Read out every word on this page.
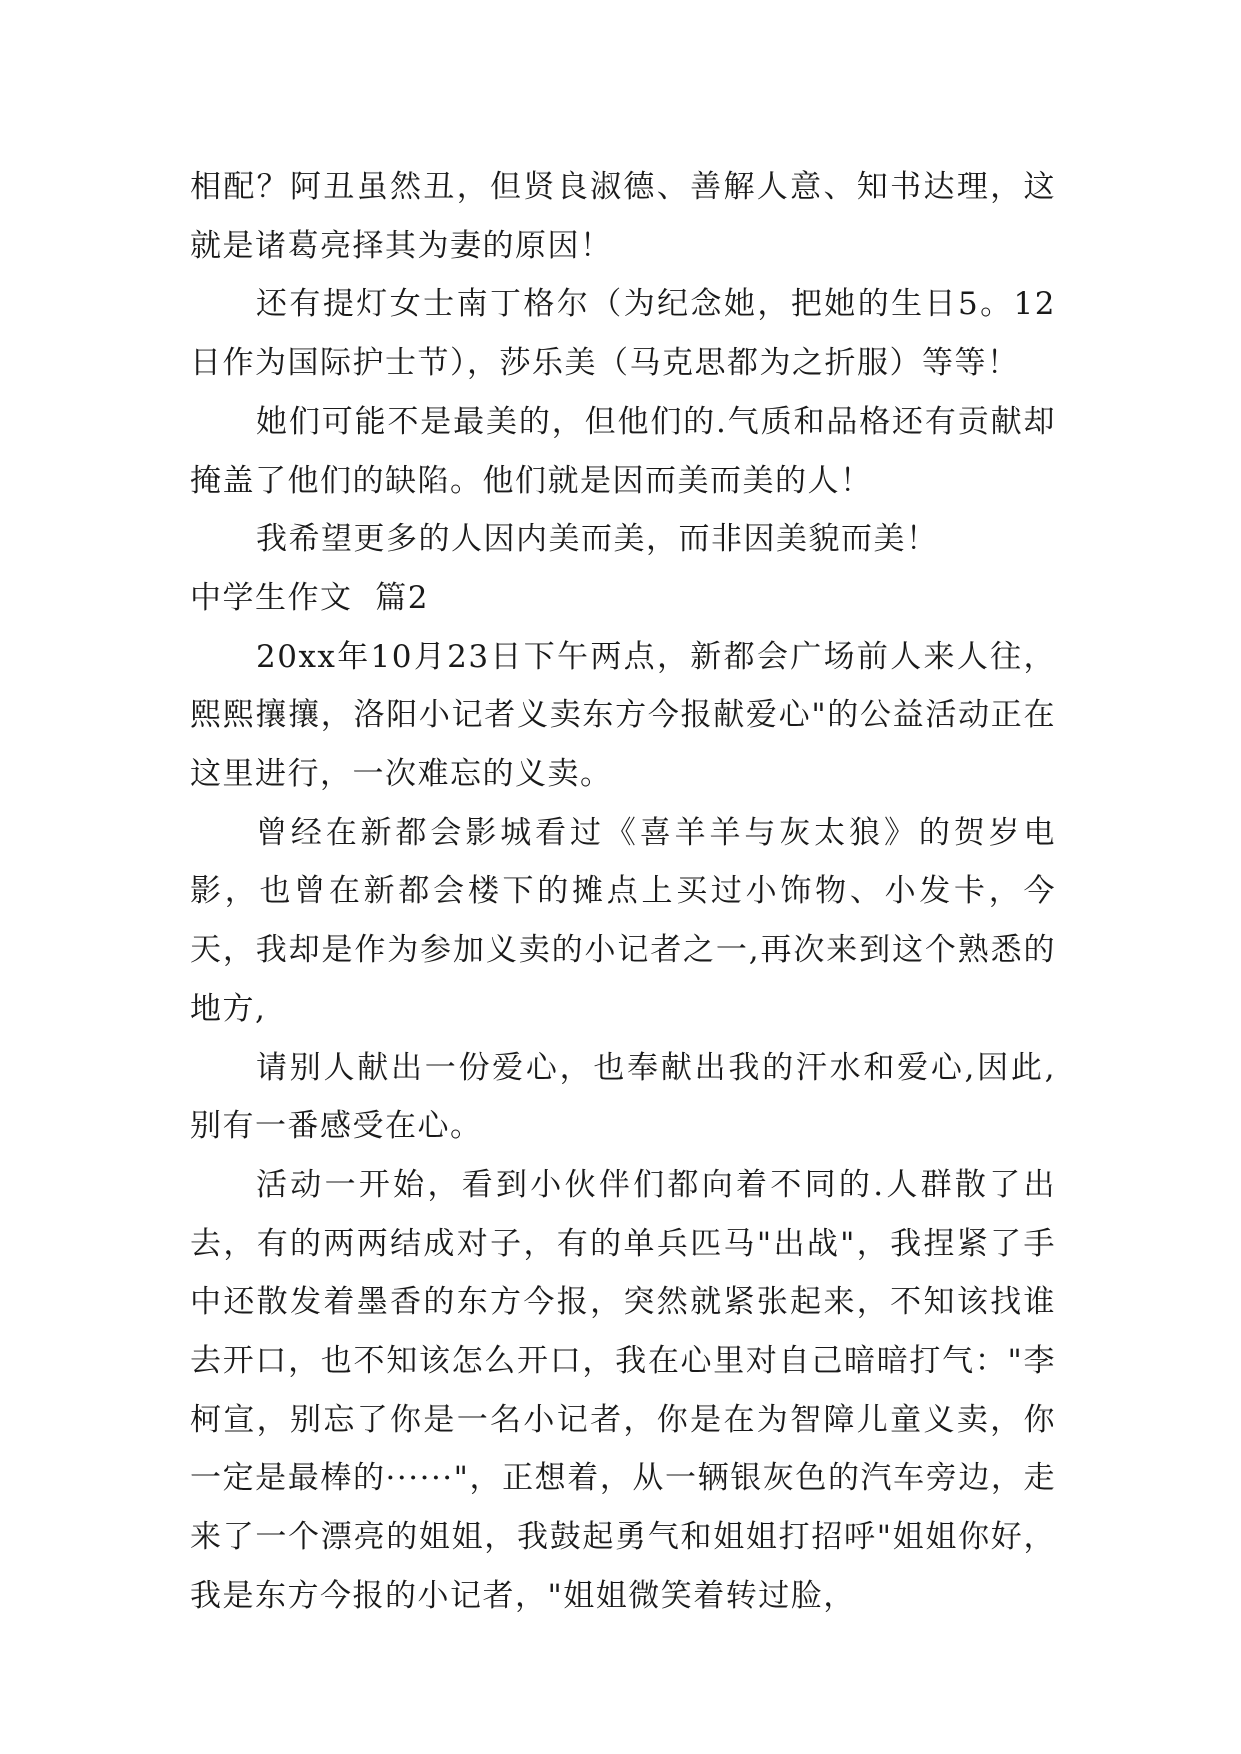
相配？阿丑虽然丑，但贤良淑德、善解人意、知书达理，这就是诸葛亮择其为妻的原因！

还有提灯女士南丁格尔（为纪念她，把她的生日5。12日作为国际护士节），莎乐美（马克思都为之折服）等等！

她们可能不是最美的，但他们的.气质和品格还有贡献却掩盖了他们的缺陷。他们就是因而美而美的人！

我希望更多的人因内美而美，而非因美貌而美！

中学生作文  篇2

20xx年10月23日下午两点，新都会广场前人来人往，熙熙攘攘，洛阳小记者义卖东方今报献爱心"的公益活动正在这里进行，一次难忘的义卖。

曾经在新都会影城看过《喜羊羊与灰太狼》的贺岁电影，也曾在新都会楼下的摊点上买过小饰物、小发卡，今天，我却是作为参加义卖的小记者之一,再次来到这个熟悉的地方,

请别人献出一份爱心，也奉献出我的汗水和爱心,因此,别有一番感受在心。

活动一开始，看到小伙伴们都向着不同的.人群散了出去，有的两两结成对子，有的单兵匹马"出战"，我捏紧了手中还散发着墨香的东方今报，突然就紧张起来，不知该找谁去开口，也不知该怎么开口，我在心里对自己暗暗打气："李柯宣，别忘了你是一名小记者，你是在为智障儿童义卖，你一定是最棒的······"，正想着，从一辆银灰色的汽车旁边，走来了一个漂亮的姐姐，我鼓起勇气和姐姐打招呼"姐姐你好，我是东方今报的小记者，"姐姐微笑着转过脸，
